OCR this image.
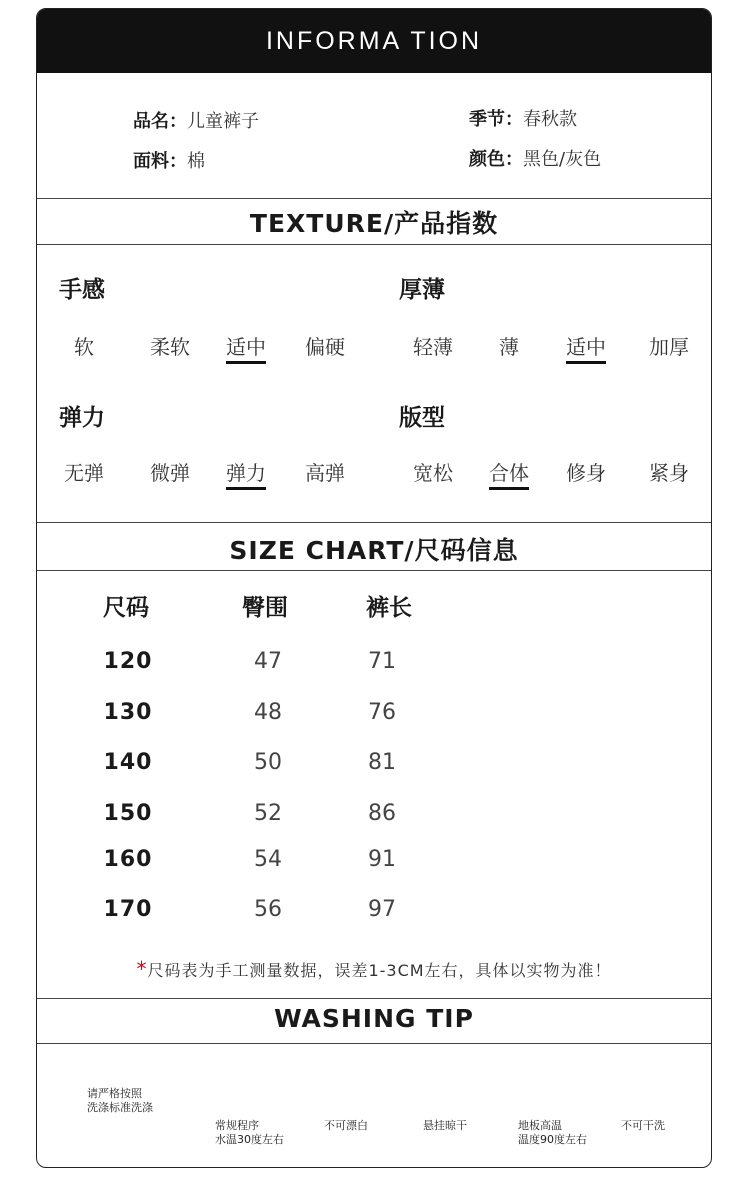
INFORMA TION
品名：儿童裤子	季节：春秋款
面料：棉	颜色：黑色/灰色
TEXTURE/产品指数
手感	厚薄
弹力	版型
软	柔软 适中 偏硬	轻薄 薄 适中 加厚
无弹 微弹 弹力 高弹	宽松 合体 修身 紧身
SIZE CHART/尺码信息
尺码	臀围	裤长
120	47	71
130	48	76
140	50	81
150	52	86
160	54	91
170	56	97
*尺码表为手工测量数据，误差1-3CM左右，具体以实物为准！
WASHING TIP
请严格按照
洗涤标准洗涤
常规程序
水温30度左右
不可漂白	悬挂晾干	地板高温
温度90度左右
不可干洗
